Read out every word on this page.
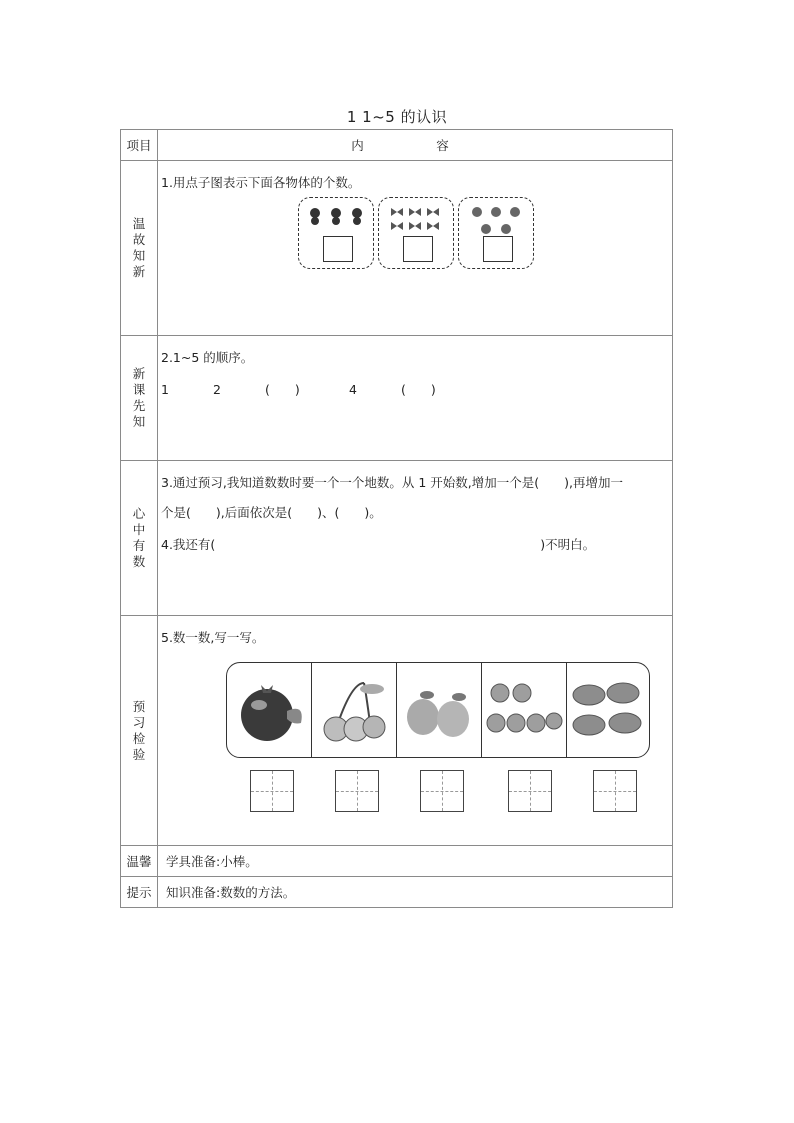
1 1~5 的认识
项目	内　容
温故知新	1.用点子图表示下面各物体的个数。

新课先知	2.1~5 的顺序。
1 2 (　　) 4 (　　)

心中有数	3.通过预习,我知道数数时要一个一个地数。从 1 开始数,增加一个是(　　),再增加一
个是(　　),后面依次是(　　)、(　　)。
4.我还有(　　　　　　　　　　　　　　　　　　　　　　　　　　)不明白。

预习检验	5.数一数,写一写。

温馨	学具准备:小棒。
提示	知识准备:数数的方法。
